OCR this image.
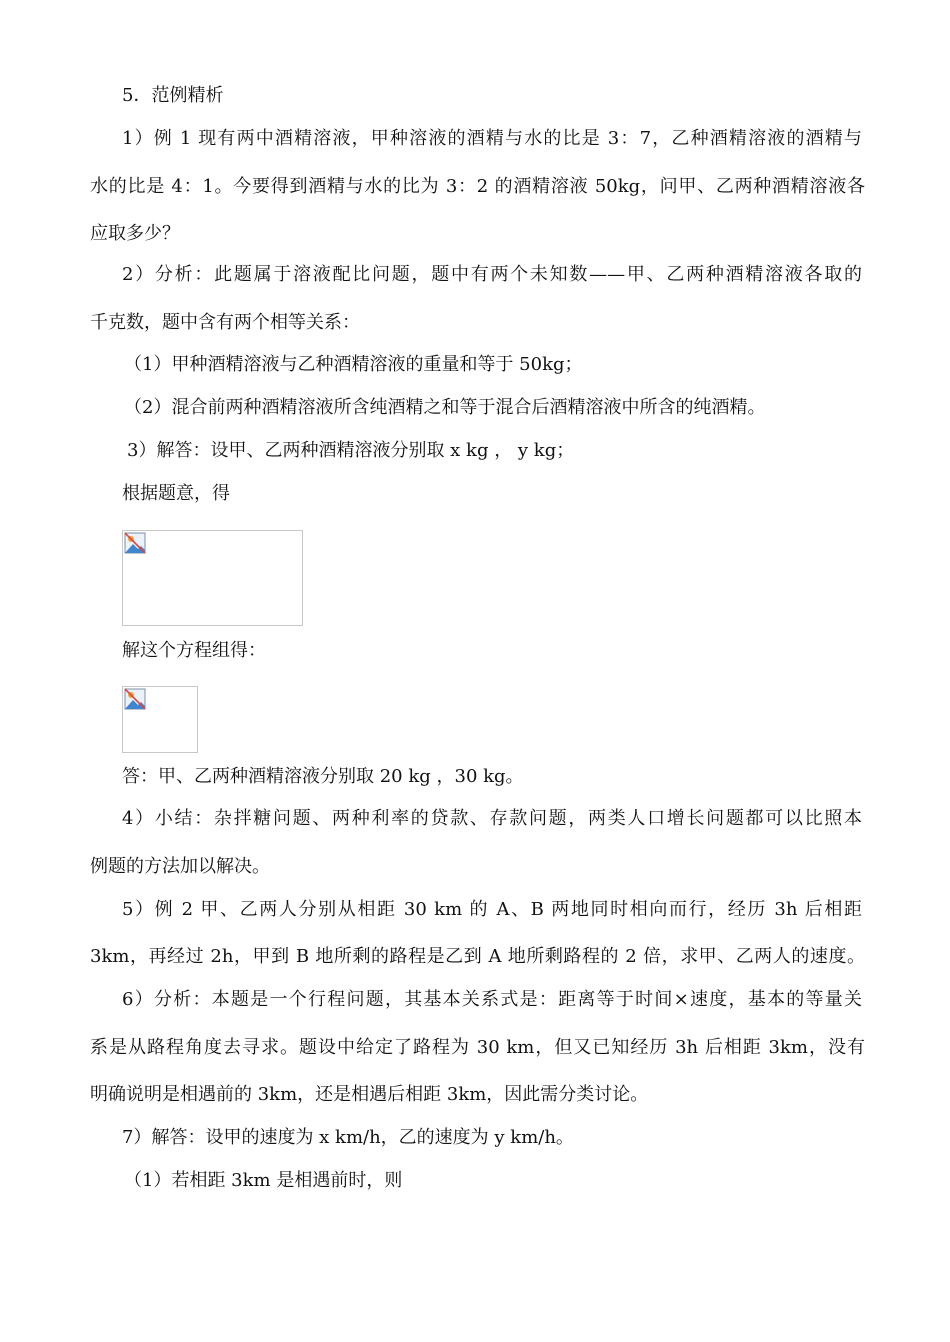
5．范例精析
1）例 1 现有两中酒精溶液，甲种溶液的酒精与水的比是 3：7，乙种酒精溶液的酒精与
水的比是 4：1。今要得到酒精与水的比为 3：2 的酒精溶液 50kg，问甲、乙两种酒精溶液各
应取多少？
2）分析：此题属于溶液配比问题，题中有两个未知数——甲、乙两种酒精溶液各取的
千克数，题中含有两个相等关系：
（1）甲种酒精溶液与乙种酒精溶液的重量和等于 50kg；
（2）混合前两种酒精溶液所含纯酒精之和等于混合后酒精溶液中所含的纯酒精。
3）解答：设甲、乙两种酒精溶液分别取 x kg ， y kg；
根据题意，得
解这个方程组得：
答：甲、乙两种酒精溶液分别取 20 kg ，30 kg。
4）小结：杂拌糖问题、两种利率的贷款、存款问题，两类人口增长问题都可以比照本
例题的方法加以解决。
5）例 2 甲、乙两人分别从相距 30 km 的 A、B 两地同时相向而行，经历 3h 后相距
3km，再经过 2h，甲到 B 地所剩的路程是乙到 A 地所剩路程的 2 倍，求甲、乙两人的速度。
6）分析：本题是一个行程问题，其基本关系式是：距离等于时间×速度，基本的等量关
系是从路程角度去寻求。题设中给定了路程为 30 km，但又已知经历 3h 后相距 3km，没有
明确说明是相遇前的 3km，还是相遇后相距 3km，因此需分类讨论。
7）解答：设甲的速度为 x km/h，乙的速度为 y km/h。
（1）若相距 3km 是相遇前时，则
